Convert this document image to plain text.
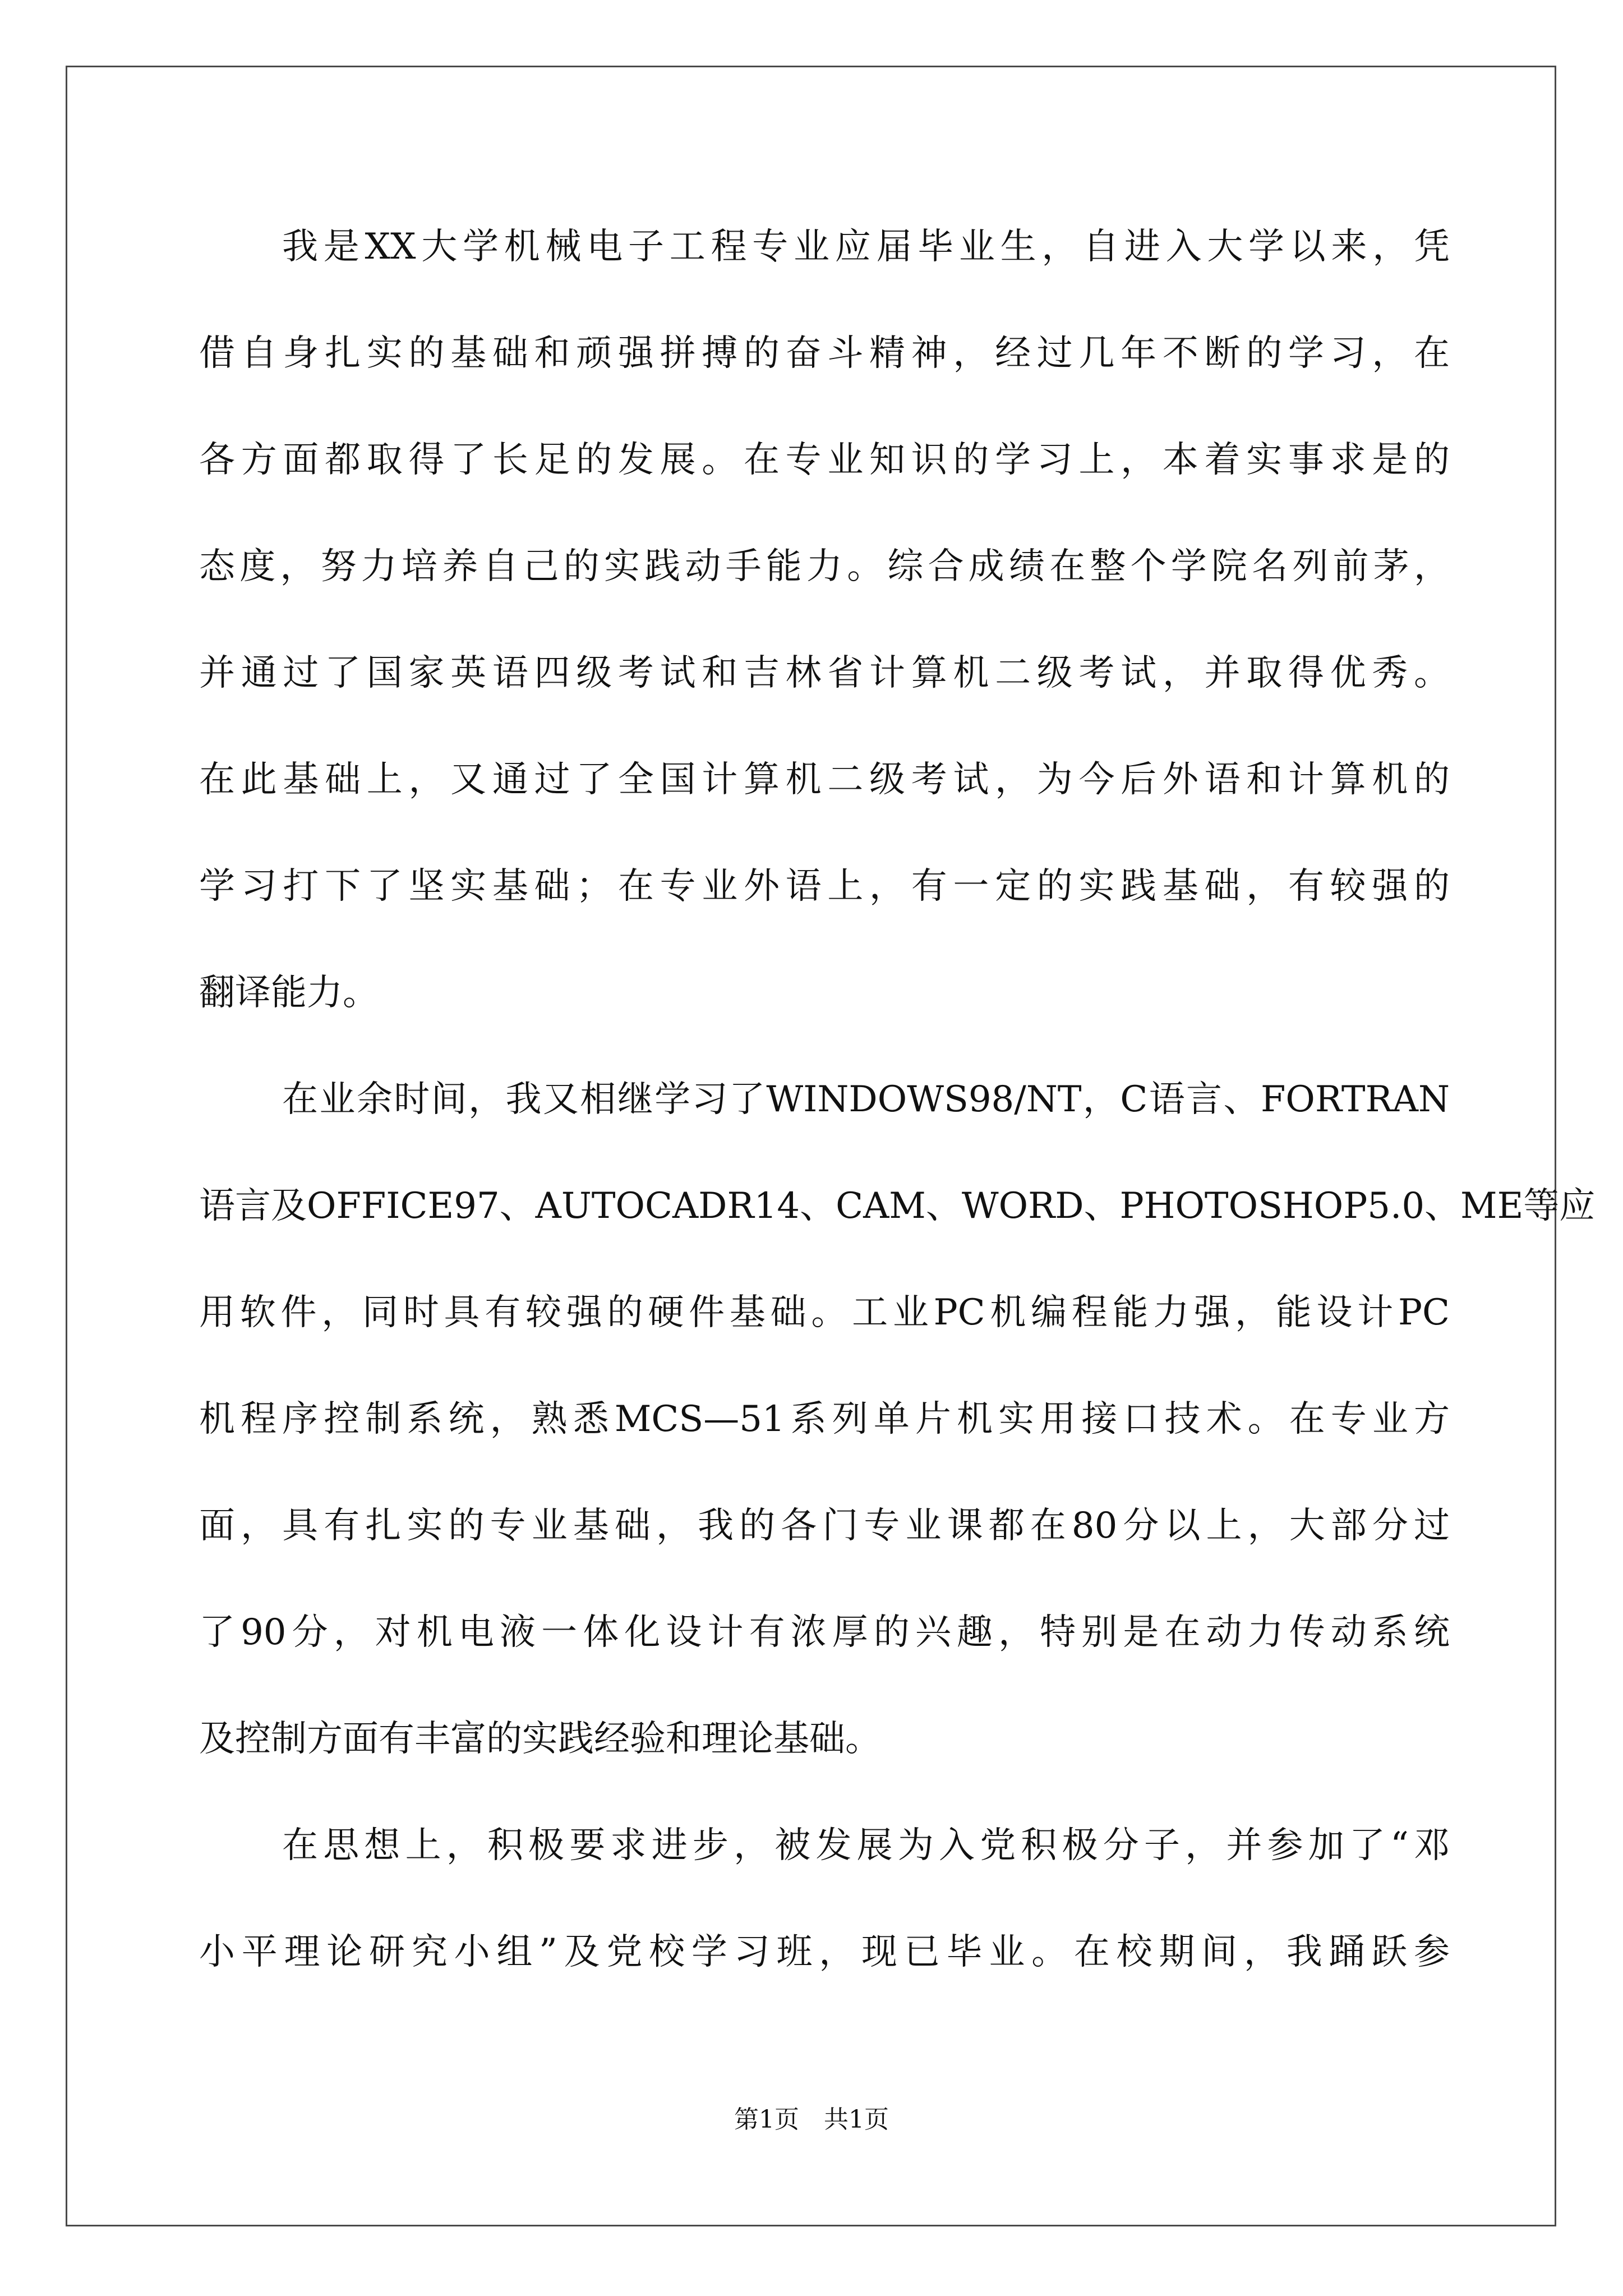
我是XX大学机械电子工程专业应届毕业生，自进入大学以来，凭
借自身扎实的基础和顽强拼搏的奋斗精神，经过几年不断的学习，在
各方面都取得了长足的发展。在专业知识的学习上，本着实事求是的
态度，努力培养自己的实践动手能力。综合成绩在整个学院名列前茅，
并通过了国家英语四级考试和吉林省计算机二级考试，并取得优秀。
在此基础上，又通过了全国计算机二级考试，为今后外语和计算机的
学习打下了坚实基础；在专业外语上，有一定的实践基础，有较强的
翻译能力。
在业余时间，我又相继学习了WINDOWS98/NT，C语言、FORTRAN
语言及OFFICE97、AUTOCADR14、CAM、WORD、PHOTOSHOP5.0、ME等应
用软件，同时具有较强的硬件基础。工业PC机编程能力强，能设计PC
机程序控制系统，熟悉MCS—51系列单片机实用接口技术。在专业方
面，具有扎实的专业基础，我的各门专业课都在80分以上，大部分过
了90分，对机电液一体化设计有浓厚的兴趣，特别是在动力传动系统
及控制方面有丰富的实践经验和理论基础。
在思想上，积极要求进步，被发展为入党积极分子，并参加了“邓
小平理论研究小组”及党校学习班，现已毕业。在校期间，我踊跃参
第1页　共1页
